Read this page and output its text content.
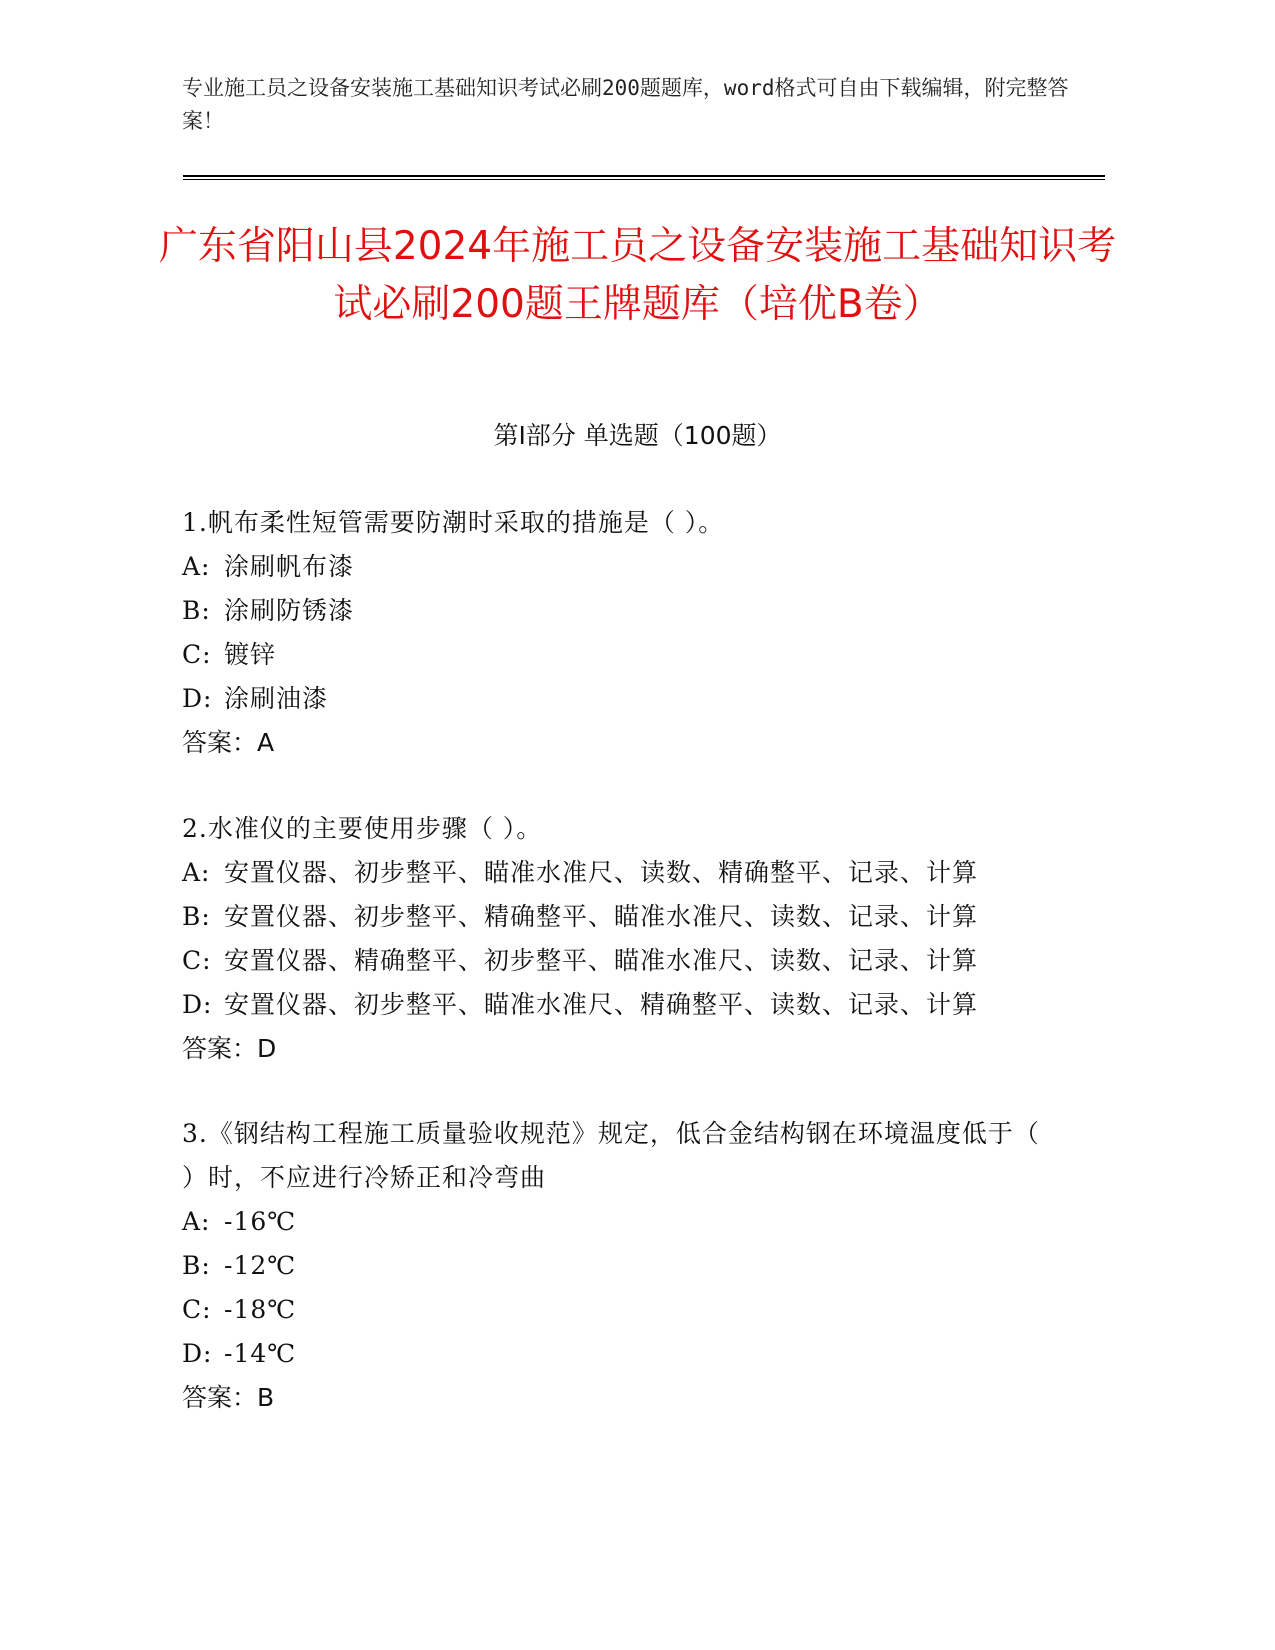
专业施工员之设备安装施工基础知识考试必刷200题题库，word格式可自由下载编辑，附完整答案！
广东省阳山县2024年施工员之设备安装施工基础知识考试必刷200题王牌题库（培优B卷）
第Ⅰ部分 单选题（100题）
1.帆布柔性短管需要防潮时采取的措施是（ ）。
A: 涂刷帆布漆
B: 涂刷防锈漆
C: 镀锌
D: 涂刷油漆
答案：A
2.水准仪的主要使用步骤（ ）。
A: 安置仪器、初步整平、瞄准水准尺、读数、精确整平、记录、计算
B: 安置仪器、初步整平、精确整平、瞄准水准尺、读数、记录、计算
C: 安置仪器、精确整平、初步整平、瞄准水准尺、读数、记录、计算
D: 安置仪器、初步整平、瞄准水准尺、精确整平、读数、记录、计算
答案：D
3.《钢结构工程施工质量验收规范》规定，低合金结构钢在环境温度低于（ ）时，不应进行冷矫正和冷弯曲
A: -16℃
B: -12℃
C: -18℃
D: -14℃
答案：B
